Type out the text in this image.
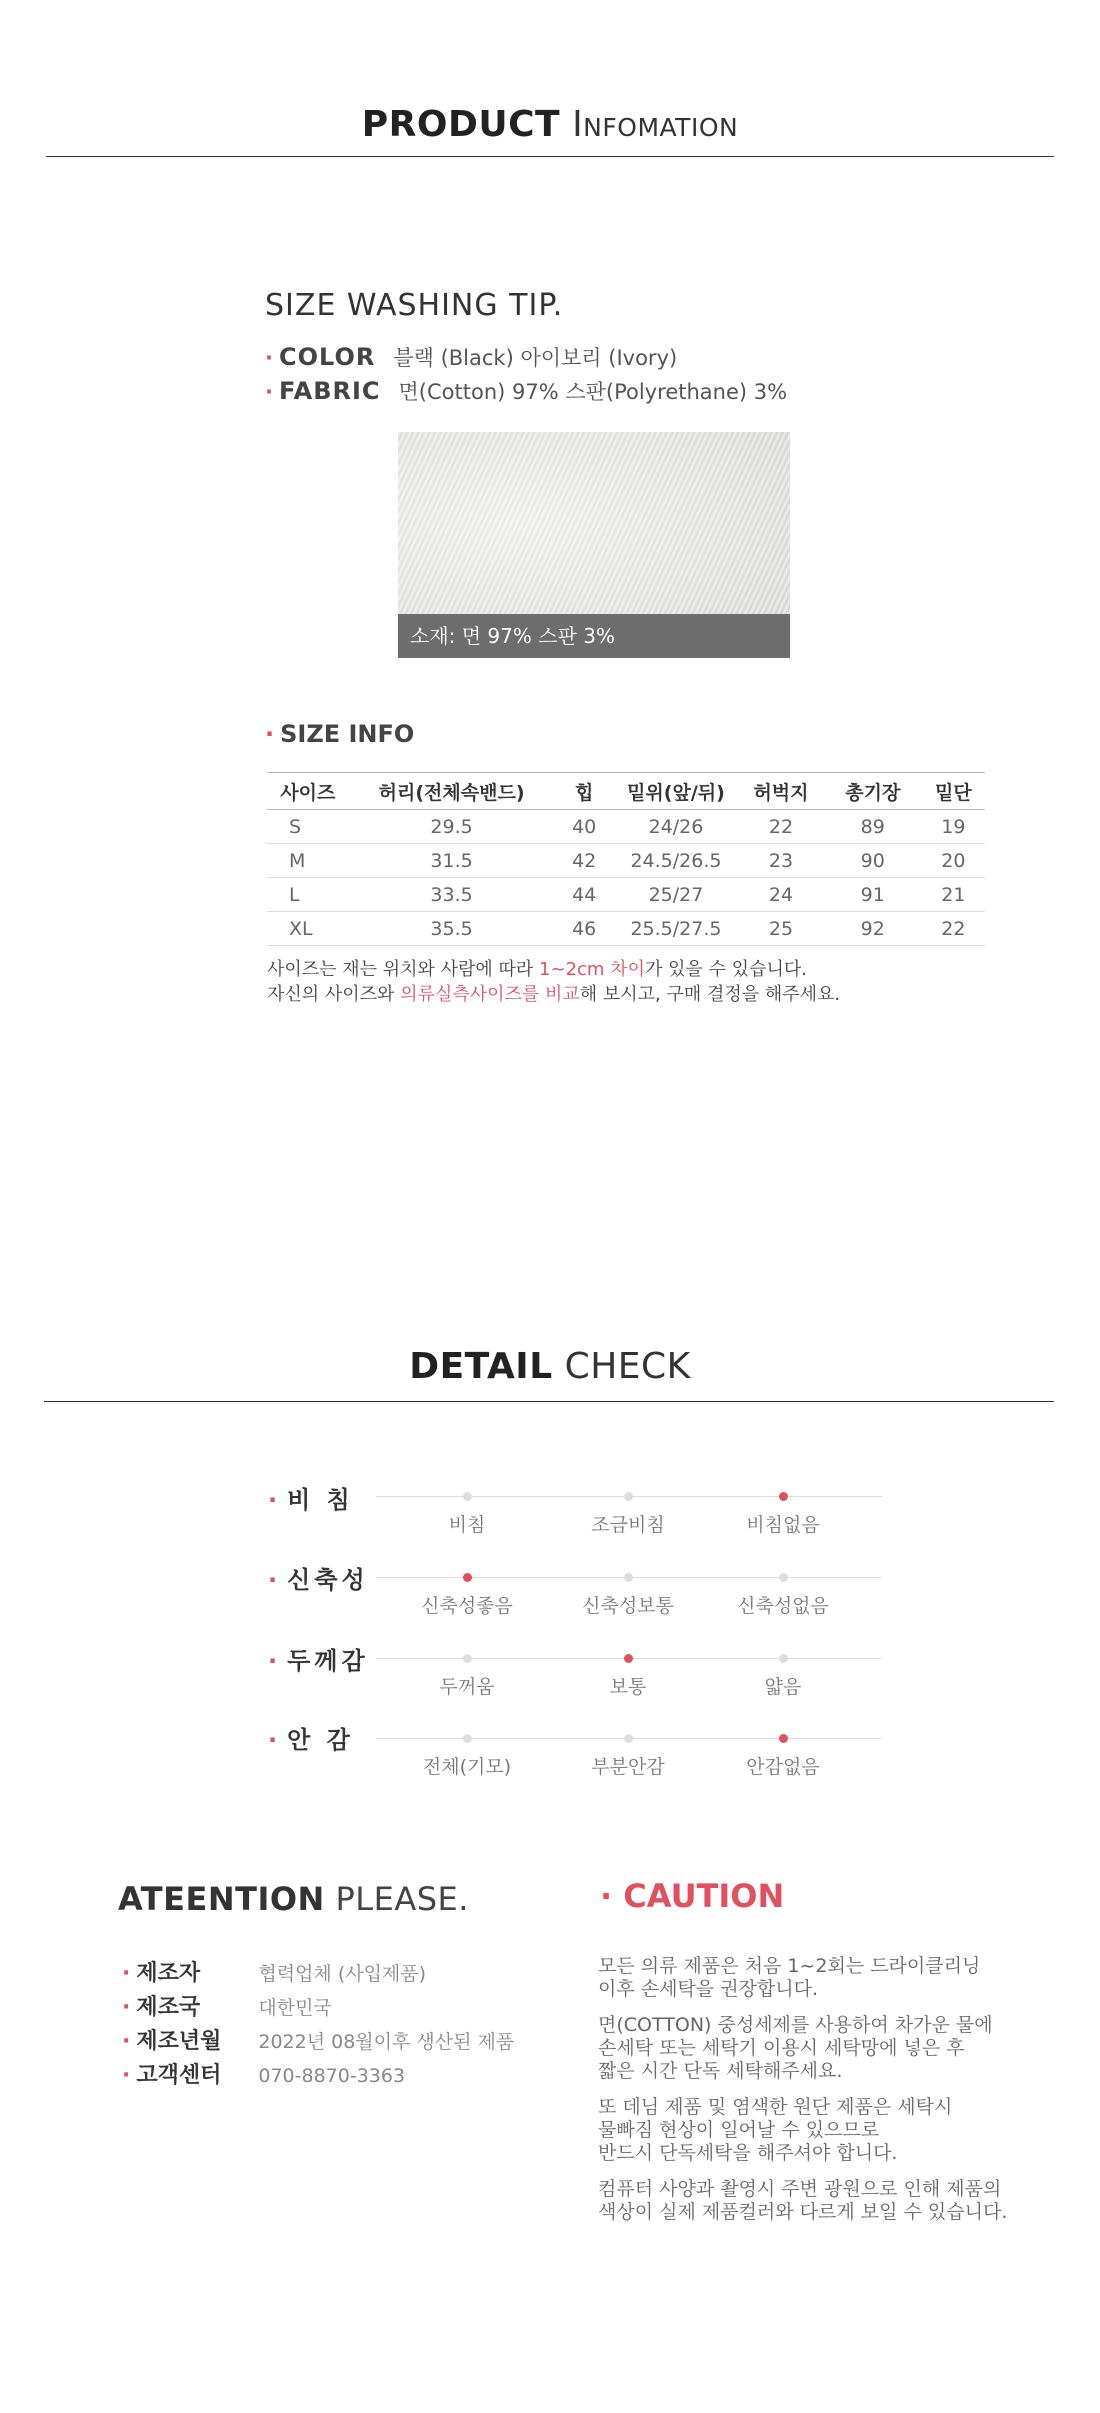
PRODUCT Infomation
SIZE WASHING TIP.
· COLOR 블랙 (Black) 아이보리 (Ivory)
· FABRIC 면(Cotton) 97% 스판(Polyrethane) 3%
소재: 면 97% 스판 3%
· SIZE INFO
사이즈	허리(전체속밴드)	힙	밑위(앞/뒤)	허벅지	총기장	밑단
S	29.5	40	24/26	22	89	19
M	31.5	42	24.5/26.5	23	90	20
L	33.5	44	25/27	24	91	21
XL	35.5	46	25.5/27.5	25	92	22
사이즈는 재는 위치와 사람에 따라 1~2cm 차이가 있을 수 있습니다.
자신의 사이즈와 의류실측사이즈를 비교해 보시고, 구매 결정을 해주세요.
DETAIL CHECK
· 비 침
비침	조금비침	비침없음
· 신축성
신축성좋음	신축성보통	신축성없음
· 두께감
두꺼움	보통	얇음
· 안 감
전체(기모)	부분안감	안감없음
ATEENTION PLEASE.
· 제조자	협력업체 (사입제품)
· 제조국	대한민국
· 제조년월 2022년 08월이후 생산된 제품
· 고객센터 070-8870-3363
· CAUTION
모든 의류 제품은 처음 1~2회는 드라이클리닝
이후 손세탁을 권장합니다.
면(COTTON) 중성세제를 사용하여 차가운 물에
손세탁 또는 세탁기 이용시 세탁망에 넣은 후
짧은 시간 단독 세탁해주세요.
또 데님 제품 및 염색한 원단 제품은 세탁시
물빠짐 현상이 일어날 수 있으므로
반드시 단독세탁을 해주셔야 합니다.
컴퓨터 사양과 촬영시 주변 광원으로 인해 제품의
색상이 실제 제품컬러와 다르게 보일 수 있습니다.
